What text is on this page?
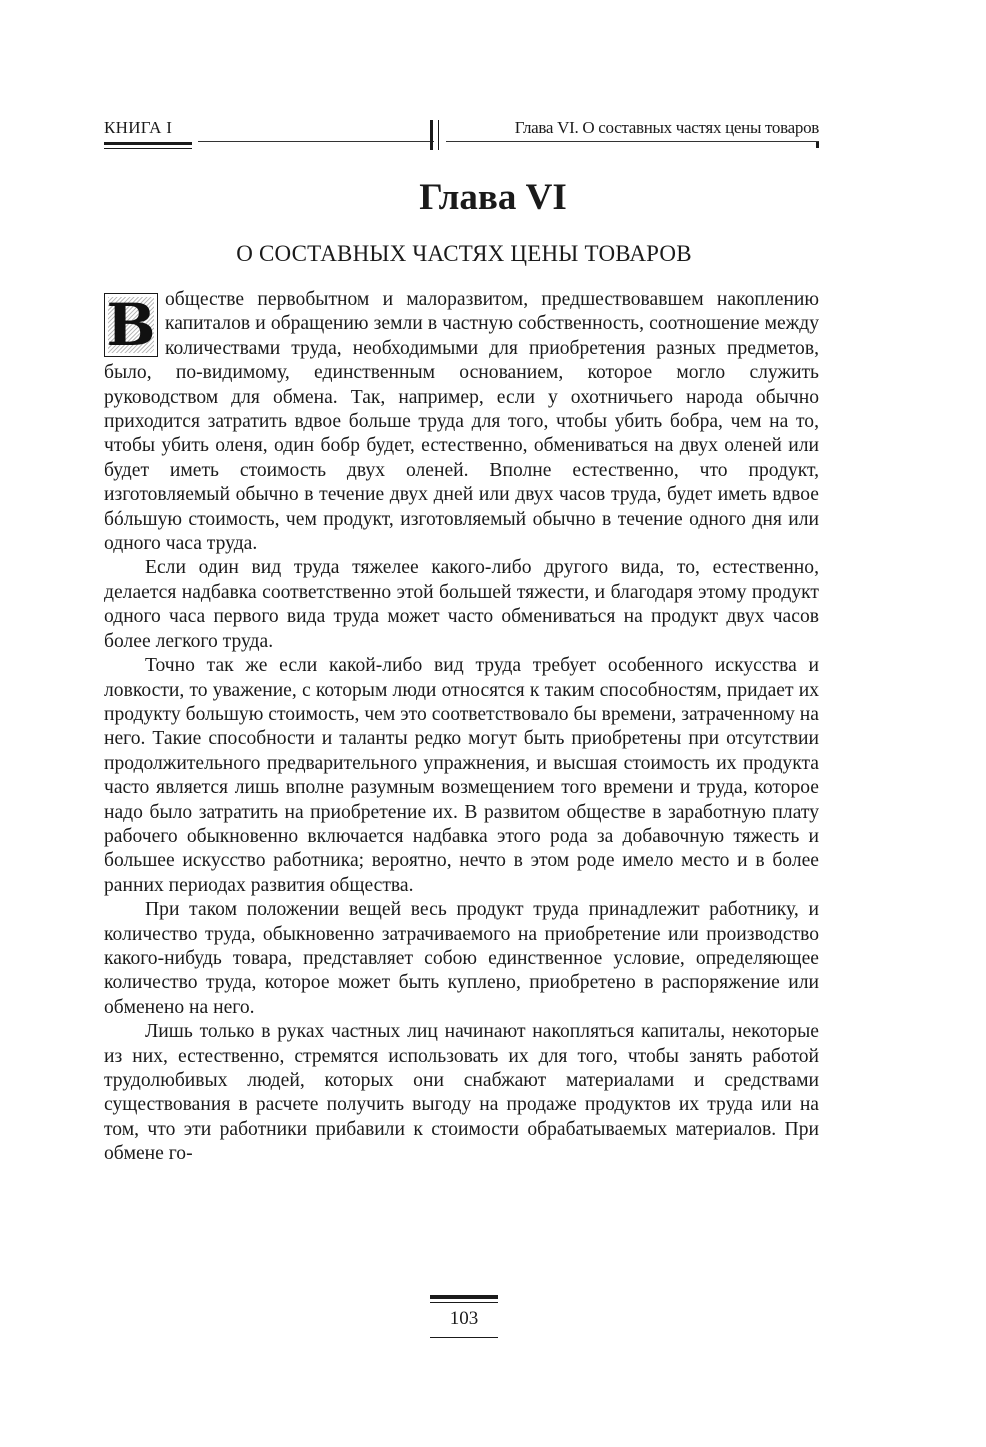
КНИГА I	Глава VI. О составных частях цены товаров
Глава VI
О СОСТАВНЫХ ЧАСТЯХ ЦЕНЫ ТОВАРОВ

В обществе первобытном и малоразвитом, предшествовавшем накоплению капиталов и обращению земли в частную собственность, соотношение между количествами труда, необходимыми для приобретения разных предметов, было, по-видимому, единственным основанием, которое могло служить руководством для обмена. Так, например, если у охотничьего народа обычно приходится затратить вдвое больше труда для того, чтобы убить бобра, чем на то, чтобы убить оленя, один бобр будет, естественно, обмениваться на двух оленей или будет иметь стоимость двух оленей. Вполне естественно, что продукт, изготовляемый обычно в течение двух дней или двух часов труда, будет иметь вдвое бóльшую стоимость, чем продукт, изготовляемый обычно в течение одного дня или одного часа труда.

Если один вид труда тяжелее какого-либо другого вида, то, естественно, делается надбавка соответственно этой большей тяжести, и благодаря этому продукт одного часа первого вида труда может часто обмениваться на продукт двух часов более легкого труда.

Точно так же если какой-либо вид труда требует особенного искусства и ловкости, то уважение, с которым люди относятся к таким способностям, придает их продукту большую стоимость, чем это соответствовало бы времени, затраченному на него. Такие способности и таланты редко могут быть приобретены при отсутствии продолжительного предварительного упражнения, и высшая стоимость их продукта часто является лишь вполне разумным возмещением того времени и труда, которое надо было затратить на приобретение их. В развитом обществе в заработную плату рабочего обыкновенно включается надбавка этого рода за добавочную тяжесть и большее искусство работника; вероятно, нечто в этом роде имело место и в более ранних периодах развития общества.

При таком положении вещей весь продукт труда принадлежит работнику, и количество труда, обыкновенно затрачиваемого на приобретение или производство какого-нибудь товара, представляет собою единственное условие, определяющее количество труда, которое может быть куплено, приобретено в распоряжение или обменено на него.

Лишь только в руках частных лиц начинают накопляться капиталы, некоторые из них, естественно, стремятся использовать их для того, чтобы занять работой трудолюбивых людей, которых они снабжают материалами и средствами существования в расчете получить выгоду на продаже продуктов их труда или на том, что эти работники прибавили к стоимости обрабатываемых материалов. При обмене го-

103
